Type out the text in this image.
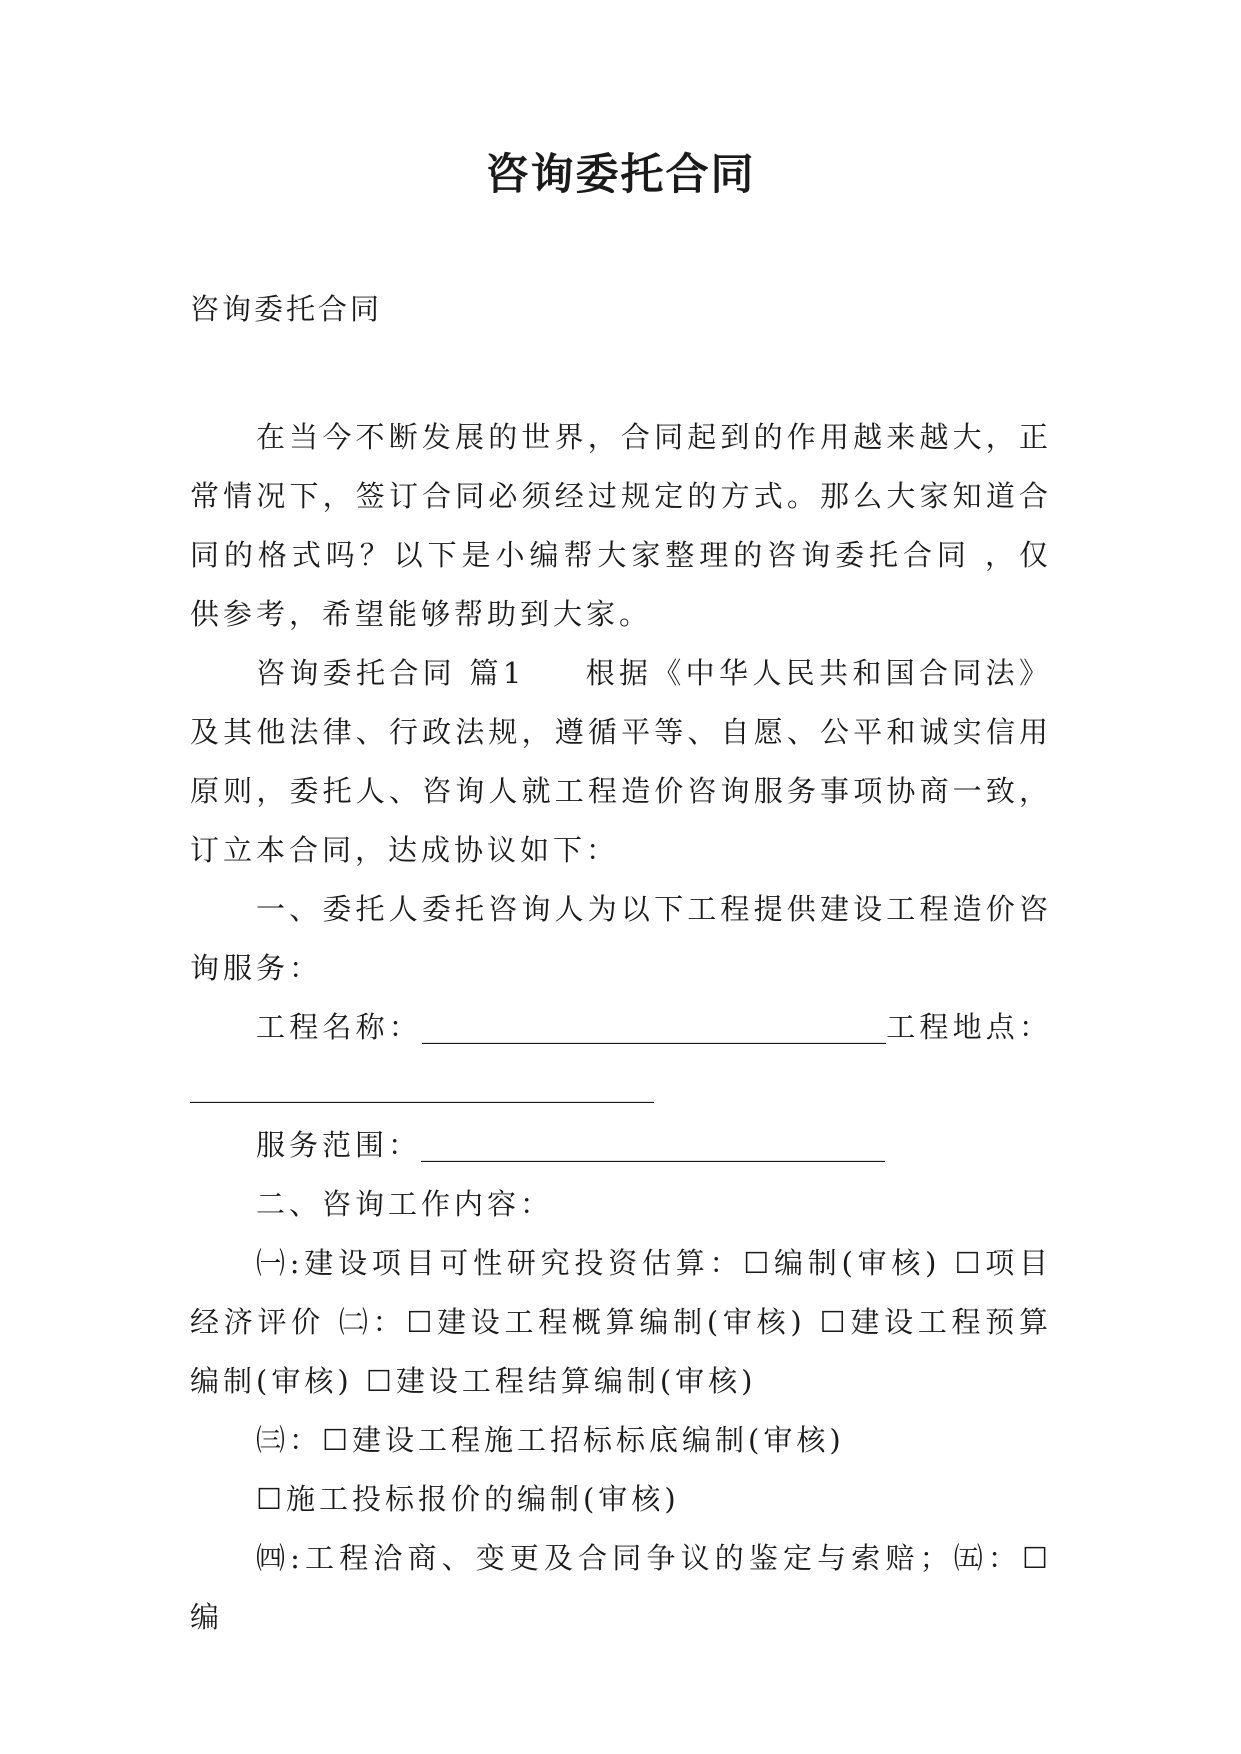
咨询委托合同
咨询委托合同

在当今不断发展的世界，合同起到的作用越来越大，正常情况下，签订合同必须经过规定的方式。那么大家知道合同的格式吗？以下是小编帮大家整理的咨询委托合同 ，仅供参考，希望能够帮助到大家。

咨询委托合同 篇1 根据《中华人民共和国合同法》及其他法律、行政法规，遵循平等、自愿、公平和诚实信用原则，委托人、咨询人就工程造价咨询服务事项协商一致，订立本合同，达成协议如下：

一、委托人委托咨询人为以下工程提供建设工程造价咨询服务：

工程名称：________________________________工程地点：________________________________

服务范围：________________________________

二、咨询工作内容：

㈠:建设项目可性研究投资估算：☐编制(审核) ☐项目经济评价 ㈡：☐建设工程概算编制(审核) ☐建设工程预算编制(审核) ☐建设工程结算编制(审核)

㈢：☐建设工程施工招标标底编制(审核)

☐施工投标报价的编制(审核)

㈣:工程洽商、变更及合同争议的鉴定与索赔；㈤：☐编
